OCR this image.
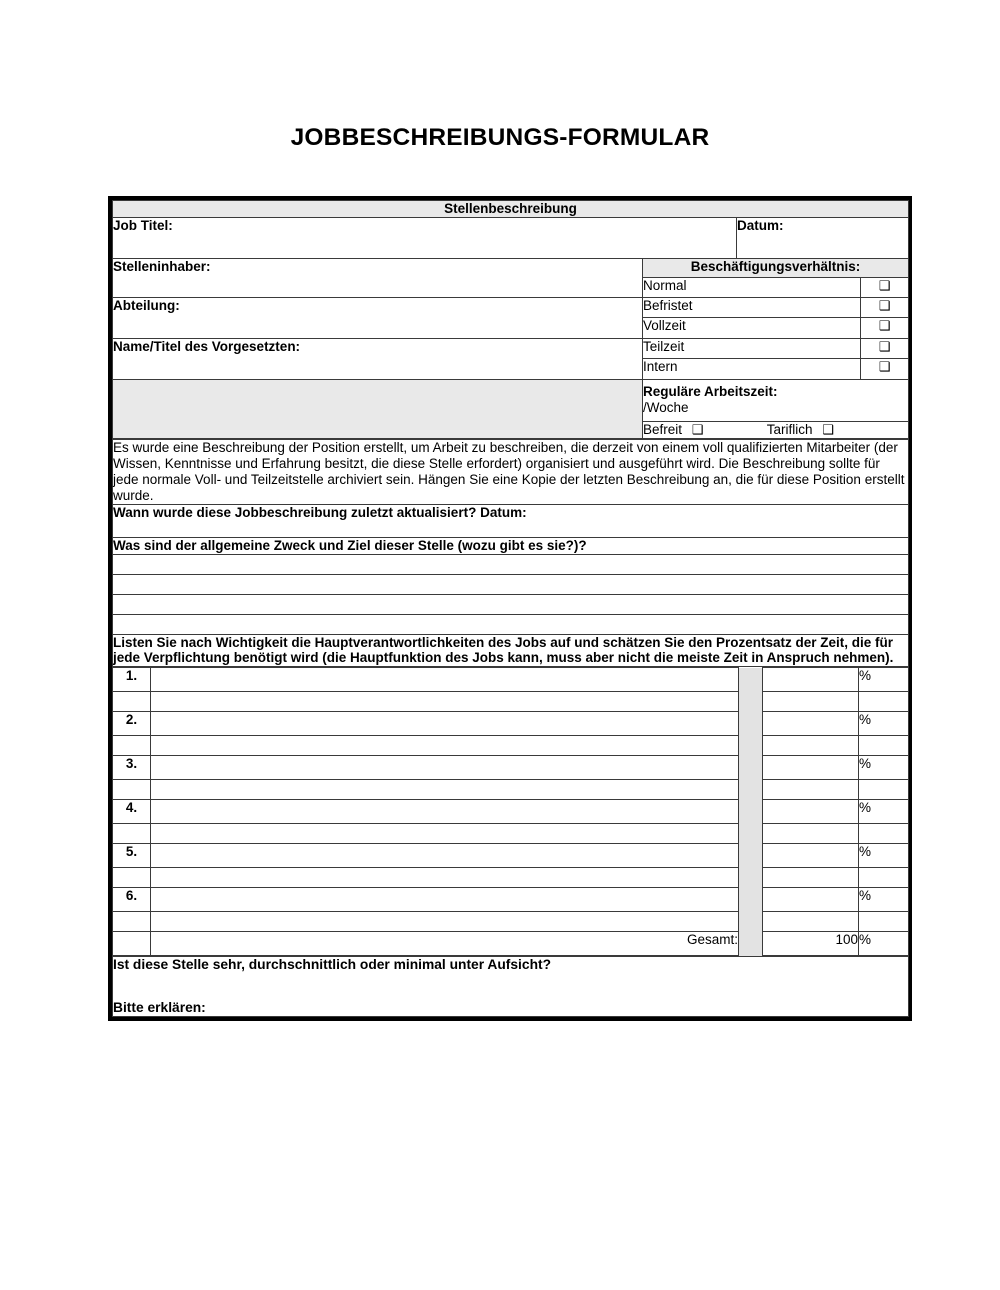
JOBBESCHREIBUNGS-FORMULAR
Stellenbeschreibung			
Job Titel:		Datum:	
Stelleninhaber:	Beschäftigungsverhältnis:		
	Normal		❑
Abteilung:	Befristet		❑
	Vollzeit		❑
Name/Titel des Vorgesetzten:	Teilzeit		❑
	Intern		❑

	Reguläre Arbeitszeit:
/Woche		

	Befreit ❑ Tariflich ❑		
Es wurde eine Beschreibung der Position erstellt, um Arbeit zu beschreiben, die derzeit von einem voll qualifizierten Mitarbeiter (der Wissen, Kenntnisse und Erfahrung besitzt, die diese Stelle erfordert) organisiert und ausgeführt wird. Die Beschreibung sollte für jede normale Voll- und Teilzeitstelle archiviert sein. Hängen Sie eine Kopie der letzten Beschreibung an, die für diese Position erstellt wurde.
Wann wurde diese Jobbeschreibung zuletzt aktualisiert? Datum:
Was sind der allgemeine Zweck und Ziel dieser Stelle (wozu gibt es sie?)?

Listen Sie nach Wichtigkeit die Hauptverantwortlichkeiten des Jobs auf und schätzen Sie den Prozentsatz der Zeit, die für jede Verpflichtung benötigt wird (die Hauptfunktion des Jobs kann, muss aber nicht die meiste Zeit in Anspruch nehmen).
1.				%

2.				%

3.				%

4.				%

5.				%

6.				%

	Gesamt:		100	%
Ist diese Stelle sehr, durchschnittlich oder minimal unter Aufsicht?
Bitte erklären:
